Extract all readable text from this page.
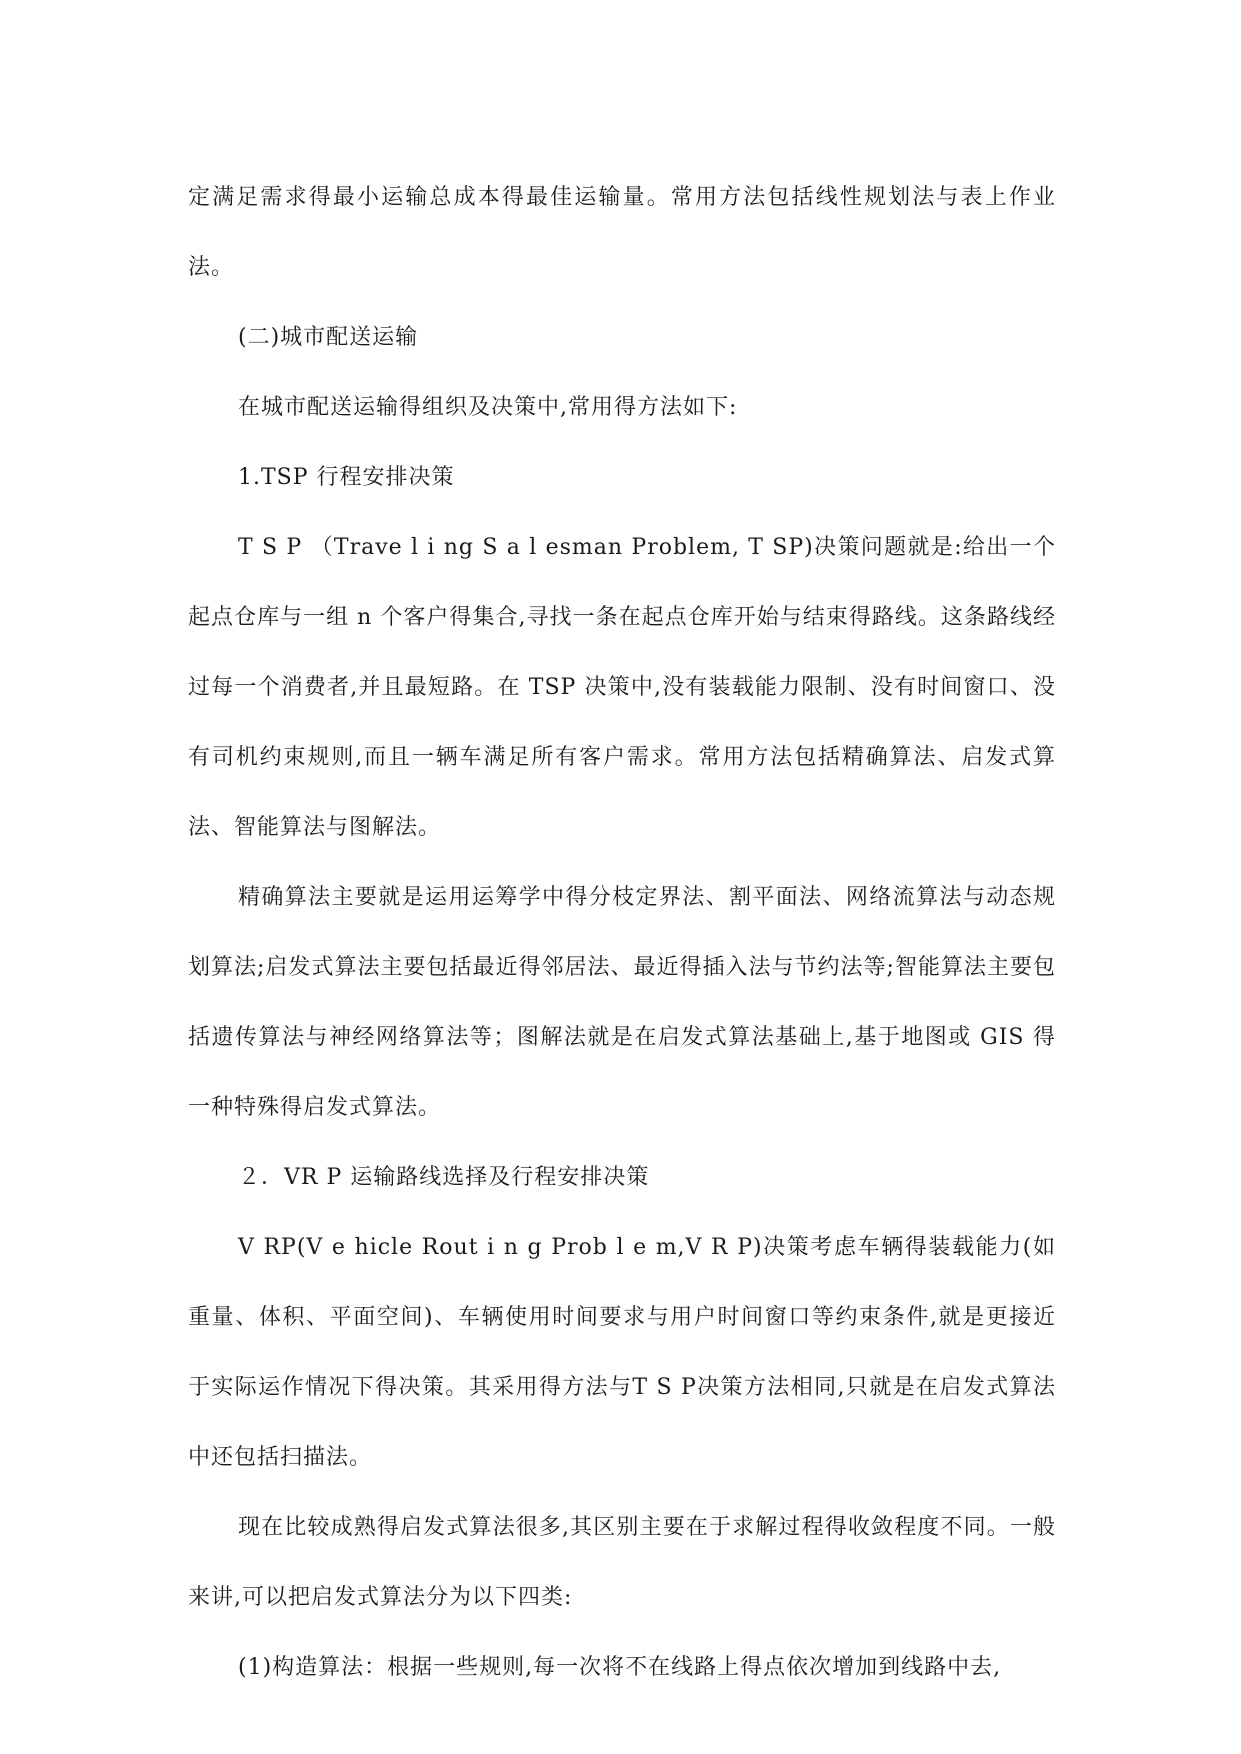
定满足需求得最小运输总成本得最佳运输量。常用方法包括线性规划法与表上作业法。

(二)城市配送运输

在城市配送运输得组织及决策中,常用得方法如下:

1.TSP 行程安排决策

T S P （Trave l i ng S a l esman Problem, T SP)决策问题就是:给出一个起点仓库与一组 n 个客户得集合,寻找一条在起点仓库开始与结束得路线。这条路线经过每一个消费者,并且最短路。在 TSP 决策中,没有装载能力限制、没有时间窗口、没有司机约束规则,而且一辆车满足所有客户需求。常用方法包括精确算法、启发式算法、智能算法与图解法。

精确算法主要就是运用运筹学中得分枝定界法、割平面法、网络流算法与动态规划算法;启发式算法主要包括最近得邻居法、最近得插入法与节约法等;智能算法主要包括遗传算法与神经网络算法等；图解法就是在启发式算法基础上,基于地图或 GIS 得一种特殊得启发式算法。

２．VR P 运输路线选择及行程安排决策

V RP(V e hicle Rout i n g Prob l e m,V R P)决策考虑车辆得装载能力(如重量、体积、平面空间)、车辆使用时间要求与用户时间窗口等约束条件,就是更接近于实际运作情况下得决策。其采用得方法与T S P决策方法相同,只就是在启发式算法中还包括扫描法。

现在比较成熟得启发式算法很多,其区别主要在于求解过程得收敛程度不同。一般来讲,可以把启发式算法分为以下四类:

(1)构造算法：根据一些规则,每一次将不在线路上得点依次增加到线路中去,
